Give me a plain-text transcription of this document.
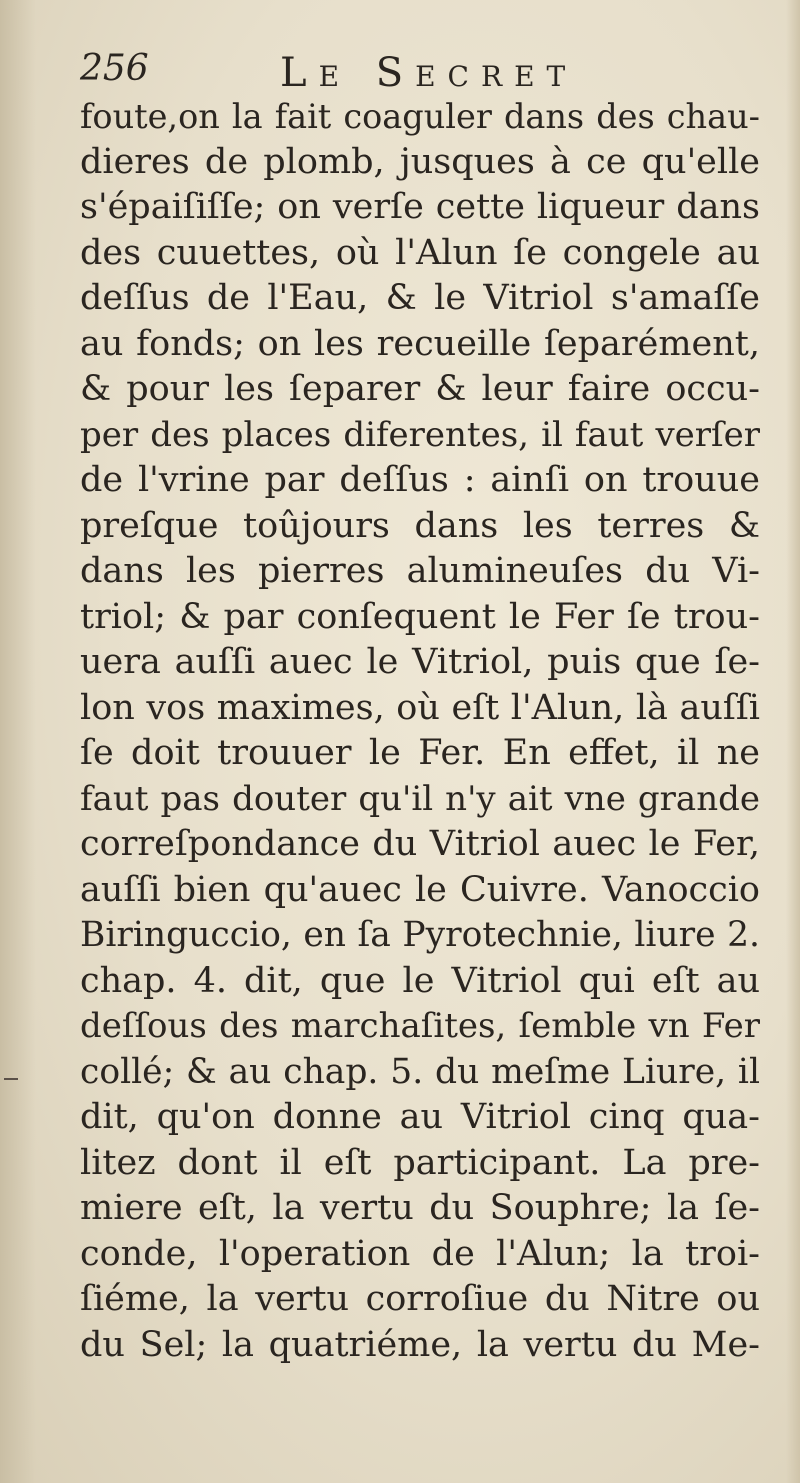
256	Le Secret
foute,on la fait coaguler dans des chau-
dieres de plomb, jusques à ce qu'elle
s'épaiſiſſe; on verſe cette liqueur dans
des cuuettes, où l'Alun ſe congele au
deſſus de l'Eau, & le Vitriol s'amaſſe
au fonds; on les recueille ſeparément,
& pour les ſeparer & leur faire occu-
per des places diferentes, il faut verſer
de l'vrine par deſſus : ainſi on trouue
preſque toûjours dans les terres &
dans les pierres alumineuſes du Vi-
triol; & par conſequent le Fer ſe trou-
uera auſſi auec le Vitriol, puis que ſe-
lon vos maximes, où eſt l'Alun, là auſſi
ſe doit trouuer le Fer. En effet, il ne
faut pas douter qu'il n'y ait vne grande
correſpondance du Vitriol auec le Fer,
auſſi bien qu'auec le Cuivre. Vanoccio
Biringuccio, en ſa Pyrotechnie, liure 2.
chap. 4. dit, que le Vitriol qui eſt au
deſſous des marchaſites, ſemble vn Fer
collé; & au chap. 5. du meſme Liure, il
dit, qu'on donne au Vitriol cinq qua-
litez dont il eſt participant. La pre-
miere eſt, la vertu du Souphre; la ſe-
conde, l'operation de l'Alun; la troi-
ſiéme, la vertu corroſiue du Nitre ou
du Sel; la quatriéme, la vertu du Me-
